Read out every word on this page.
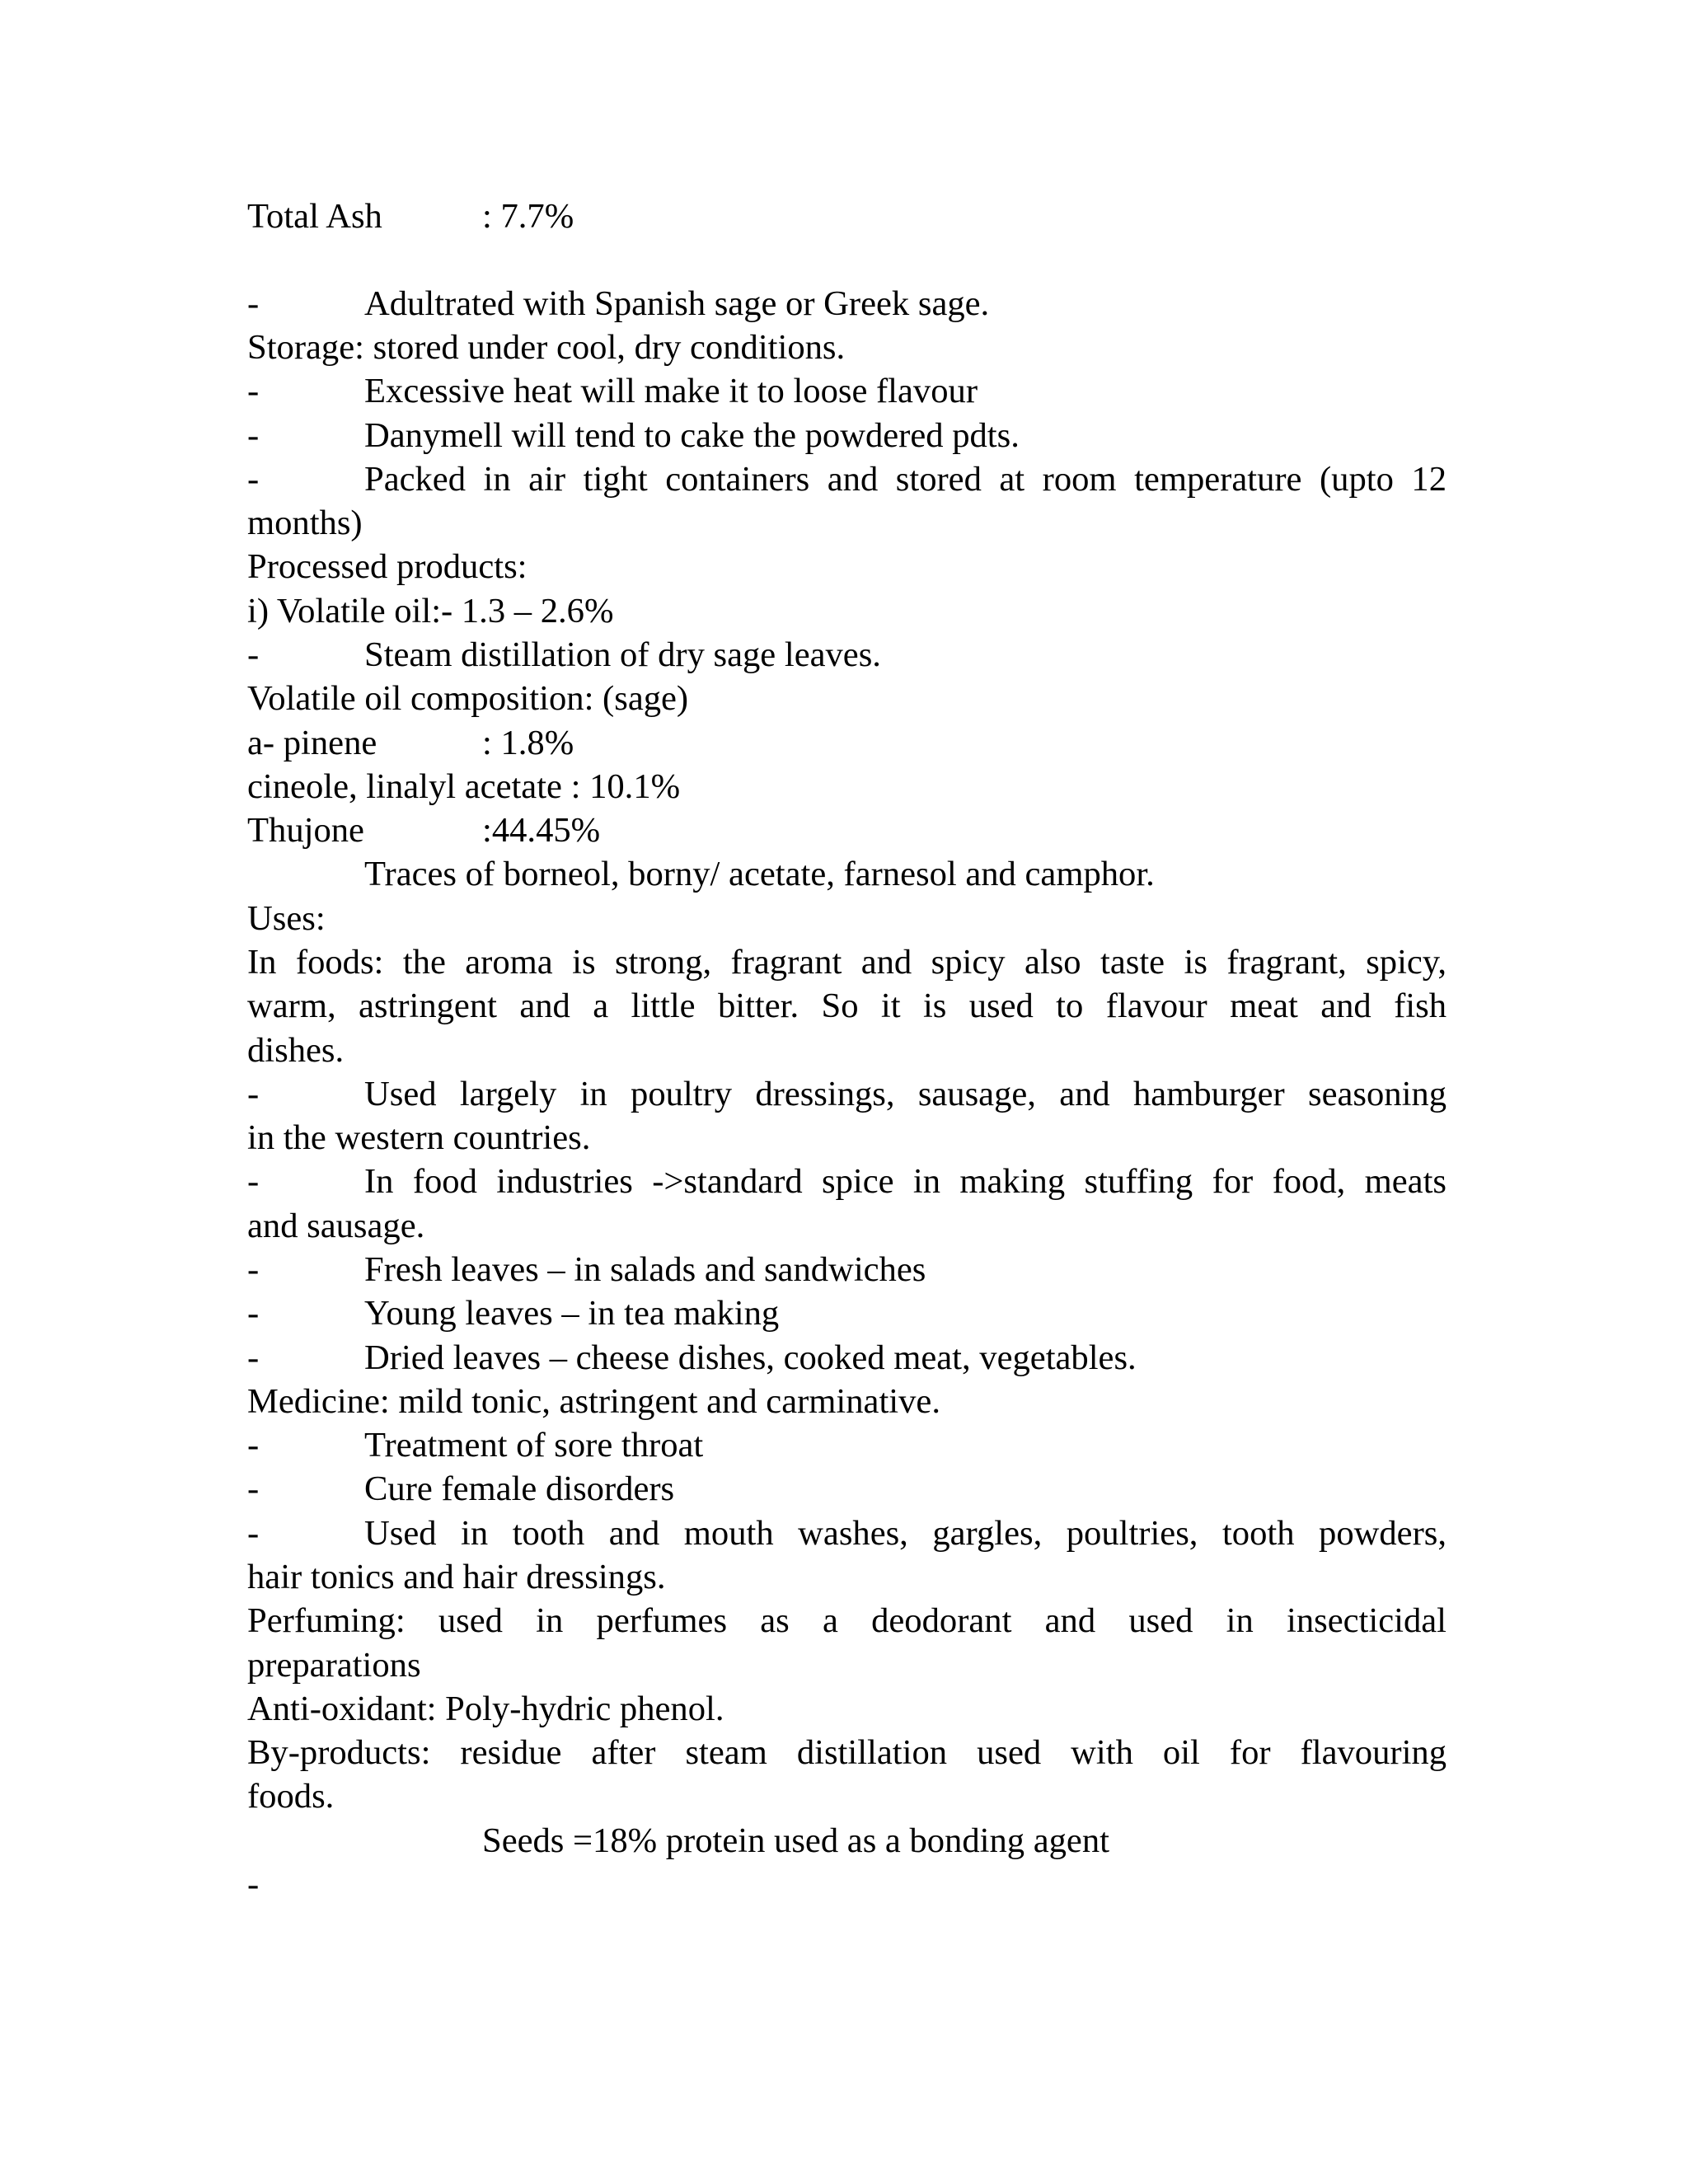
Total Ash	: 7.7%
-	Adultrated with Spanish sage or Greek sage.
Storage: stored under cool, dry conditions.
-	Excessive heat will make it to loose flavour
-	Danymell will tend to cake the powdered pdts.
-	Packed in air tight containers and stored at room temperature (upto 12
months)
Processed products:
i) Volatile oil:- 1.3 – 2.6%
-	Steam distillation of dry sage leaves.
Volatile oil composition: (sage)
a- pinene	: 1.8%
cineole, linalyl acetate : 10.1%
Thujone	:44.45%
Traces of borneol, borny/ acetate, farnesol and camphor.
Uses:
In foods: the aroma is strong, fragrant and spicy also taste is fragrant, spicy,
warm, astringent and a little bitter. So it is used to flavour meat and fish
dishes.
-	Used largely in poultry dressings, sausage, and hamburger seasoning
in the western countries.
-	In food industries ->standard spice in making stuffing for food, meats
and sausage.
-	Fresh leaves – in salads and sandwiches
-	Young leaves – in tea making
-	Dried leaves – cheese dishes, cooked meat, vegetables.
Medicine: mild tonic, astringent and carminative.
-	Treatment of sore throat
-	Cure female disorders
-	Used in tooth and mouth washes, gargles, poultries, tooth powders,
hair tonics and hair dressings.
Perfuming: used in perfumes as a deodorant and used in insecticidal
preparations
Anti-oxidant: Poly-hydric phenol.
By-products: residue after steam distillation used with oil for flavouring
foods.
Seeds =18% protein used as a bonding agent
-
